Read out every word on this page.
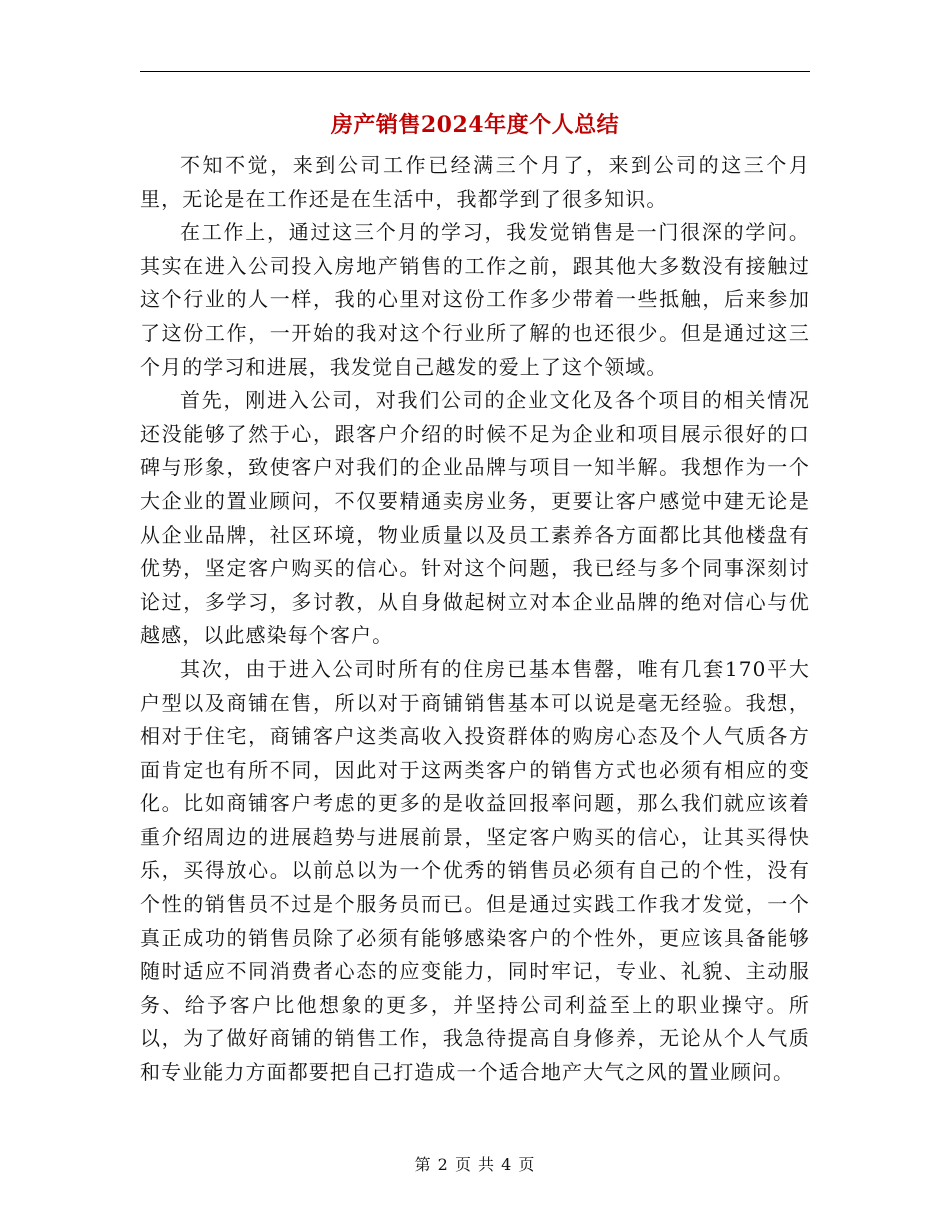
房产销售2024年度个人总结

不知不觉，来到公司工作已经满三个月了，来到公司的这三个月里，无论是在工作还是在生活中，我都学到了很多知识。

在工作上，通过这三个月的学习，我发觉销售是一门很深的学问。其实在进入公司投入房地产销售的工作之前，跟其他大多数没有接触过这个行业的人一样，我的心里对这份工作多少带着一些抵触，后来参加了这份工作，一开始的我对这个行业所了解的也还很少。但是通过这三个月的学习和进展，我发觉自己越发的爱上了这个领域。

首先，刚进入公司，对我们公司的企业文化及各个项目的相关情况还没能够了然于心，跟客户介绍的时候不足为企业和项目展示很好的口碑与形象，致使客户对我们的企业品牌与项目一知半解。我想作为一个大企业的置业顾问，不仅要精通卖房业务，更要让客户感觉中建无论是从企业品牌，社区环境，物业质量以及员工素养各方面都比其他楼盘有优势，坚定客户购买的信心。针对这个问题，我已经与多个同事深刻讨论过，多学习，多讨教，从自身做起树立对本企业品牌的绝对信心与优越感，以此感染每个客户。

其次，由于进入公司时所有的住房已基本售罄，唯有几套170平大户型以及商铺在售，所以对于商铺销售基本可以说是毫无经验。我想，相对于住宅，商铺客户这类高收入投资群体的购房心态及个人气质各方面肯定也有所不同，因此对于这两类客户的销售方式也必须有相应的变化。比如商铺客户考虑的更多的是收益回报率问题，那么我们就应该着重介绍周边的进展趋势与进展前景，坚定客户购买的信心，让其买得快乐，买得放心。以前总以为一个优秀的销售员必须有自己的个性，没有个性的销售员不过是个服务员而已。但是通过实践工作我才发觉，一个真正成功的销售员除了必须有能够感染客户的个性外，更应该具备能够随时适应不同消费者心态的应变能力，同时牢记，专业、礼貌、主动服务、给予客户比他想象的更多，并坚持公司利益至上的职业操守。所以，为了做好商铺的销售工作，我急待提高自身修养，无论从个人气质和专业能力方面都要把自己打造成一个适合地产大气之风的置业顾问。

第 2 页 共 4 页
